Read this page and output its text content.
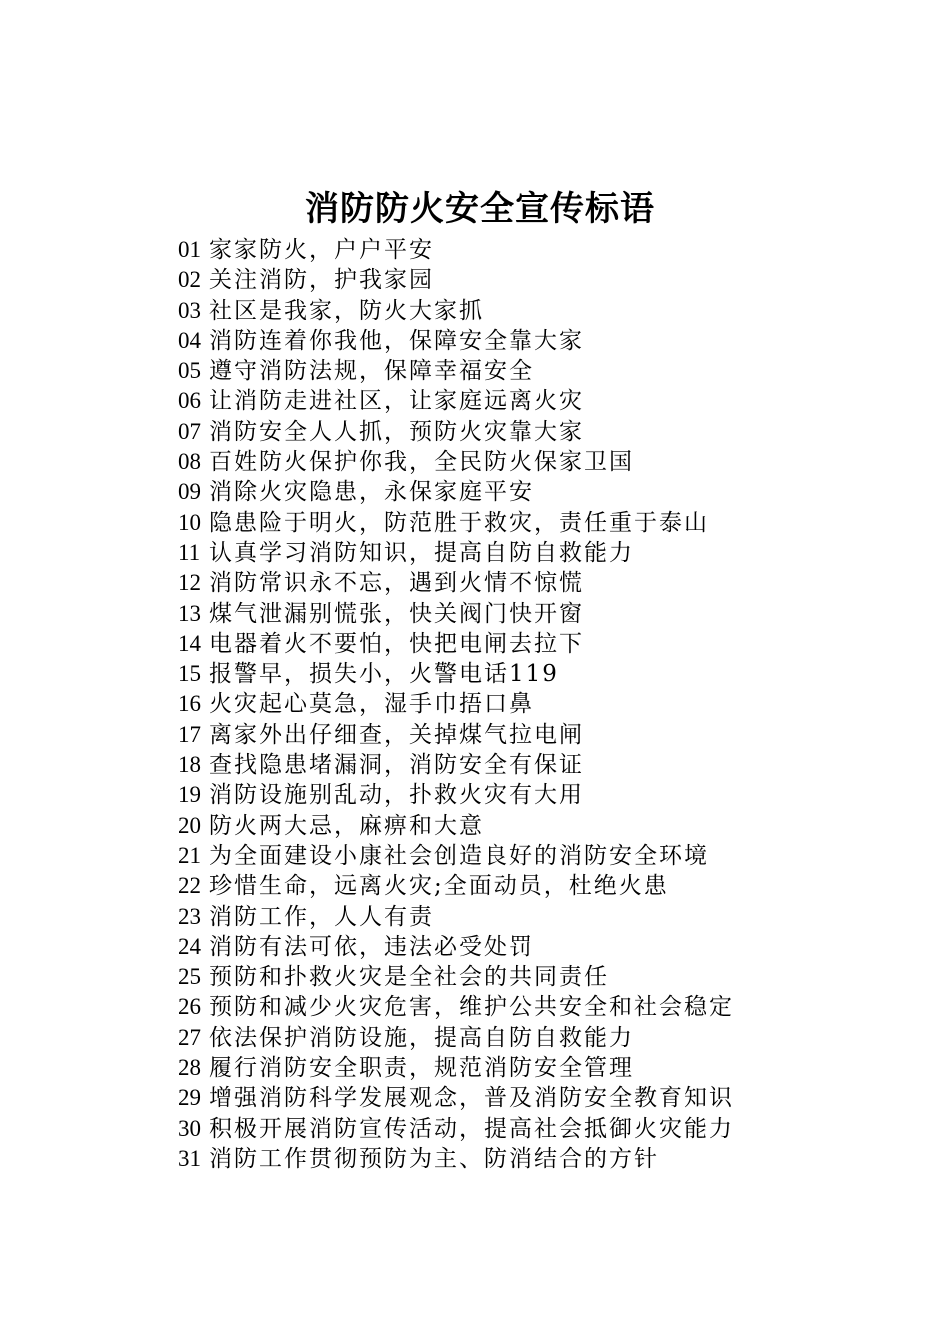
消防防火安全宣传标语
01 家家防火，户户平安
02 关注消防，护我家园
03 社区是我家，防火大家抓
04 消防连着你我他，保障安全靠大家
05 遵守消防法规，保障幸福安全
06 让消防走进社区，让家庭远离火灾
07 消防安全人人抓，预防火灾靠大家
08 百姓防火保护你我，全民防火保家卫国
09 消除火灾隐患，永保家庭平安
10 隐患险于明火，防范胜于救灾，责任重于泰山
11 认真学习消防知识，提高自防自救能力
12 消防常识永不忘，遇到火情不惊慌
13 煤气泄漏别慌张，快关阀门快开窗
14 电器着火不要怕，快把电闸去拉下
15 报警早，损失小，火警电话119
16 火灾起心莫急，湿手巾捂口鼻
17 离家外出仔细查，关掉煤气拉电闸
18 查找隐患堵漏洞，消防安全有保证
19 消防设施别乱动，扑救火灾有大用
20 防火两大忌，麻痹和大意
21 为全面建设小康社会创造良好的消防安全环境
22 珍惜生命，远离火灾;全面动员，杜绝火患
23 消防工作，人人有责
24 消防有法可依，违法必受处罚
25 预防和扑救火灾是全社会的共同责任
26 预防和减少火灾危害，维护公共安全和社会稳定
27 依法保护消防设施，提高自防自救能力
28 履行消防安全职责，规范消防安全管理
29 增强消防科学发展观念，普及消防安全教育知识
30 积极开展消防宣传活动，提高社会抵御火灾能力
31 消防工作贯彻预防为主、防消结合的方针
